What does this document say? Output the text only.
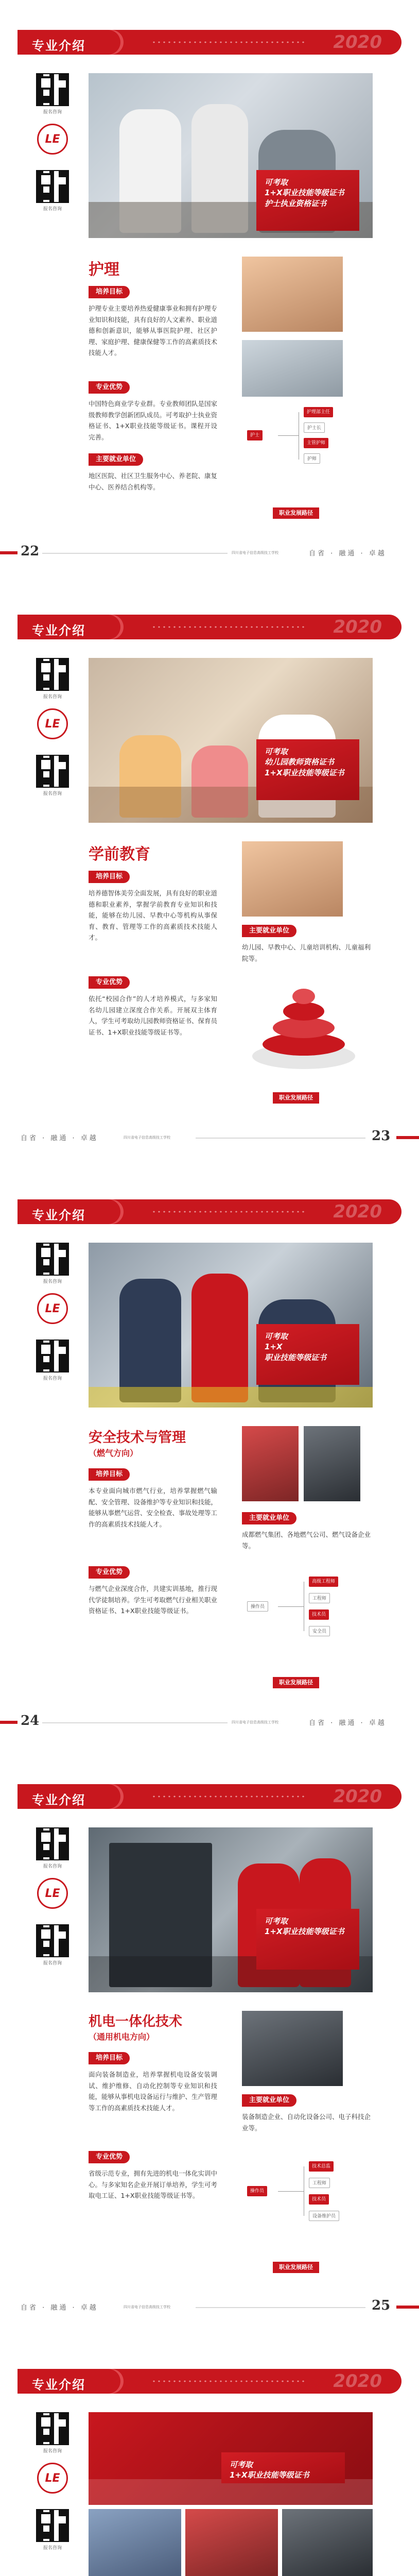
专业介绍	2020
报名咨询
LE
报名咨询
可考取
1+X职业技能等级证书
护士执业资格证书
护理
培养目标
护理专业主要培养热爱健康事业和拥有护理专业知识和技能，具有良好的人文素养、职业道德和创新意识，能够从事医院护理、社区护理、家庭护理、健康保健等工作的高素质技术技能人才。
专业优势
中国特色商业学专业群。专业教师团队是国家级教师教学创新团队成员。可考取护士执业资格证书、1+X职业技能等级证书。课程开设完善。
主要就业单位
地区医院、社区卫生服务中心、养老院、康复中心、医养结合机构等。
护理部主任
护士长
主管护师
护师
护士
职业发展路径
22	四川省电子信息高级技工学校	自省 · 融通 · 卓越
专业介绍	2020
报名咨询
LE
报名咨询
可考取
幼儿园教师资格证书
1+X职业技能等级证书
学前教育
培养目标
培养德智体美劳全面发展，具有良好的职业道德和职业素养，掌握学前教育专业知识和技能，能够在幼儿园、早教中心等机构从事保育、教育、管理等工作的高素质技术技能人才。
专业优势
依托“校园合作”的人才培养模式，与多家知名幼儿园建立深度合作关系。开展双主体育人，学生可考取幼儿园教师资格证书、保育员证书、1+X职业技能等级证书等。
主要就业单位
幼儿园、早教中心、儿童培训机构、儿童福利院等。
职业发展路径
自省 · 融通 · 卓越	四川省电子信息高级技工学校	23
专业介绍	2020
报名咨询
LE
报名咨询
可考取
1+X
职业技能等级证书
安全技术与管理
（燃气方向）
培养目标
本专业面向城市燃气行业，培养掌握燃气输配、安全管理、设备维护等专业知识和技能，能够从事燃气运营、安全检查、事故处理等工作的高素质技术技能人才。
专业优势
与燃气企业深度合作，共建实训基地，推行现代学徒制培养。学生可考取燃气行业相关职业资格证书、1+X职业技能等级证书。
主要就业单位
成都燃气集团、各地燃气公司、燃气设备企业等。
高级工程师
工程师
技术员
安全员
操作员
职业发展路径
24	四川省电子信息高级技工学校	自省 · 融通 · 卓越
专业介绍	2020
报名咨询
LE
报名咨询
可考取
1+X职业技能等级证书
机电一体化技术
（通用机电方向）
培养目标
面向装备制造业，培养掌握机电设备安装调试、维护维修、自动化控制等专业知识和技能，能够从事机电设备运行与维护、生产管理等工作的高素质技术技能人才。
专业优势
省级示范专业，拥有先进的机电一体化实训中心。与多家知名企业开展订单培养，学生可考取电工证、1+X职业技能等级证书等。
主要就业单位
装备制造企业、自动化设备公司、电子科技企业等。
技术总监
工程师
技术员
设备维护员
操作员
职业发展路径
自省 · 融通 · 卓越	四川省电子信息高级技工学校	25
专业介绍	2020
报名咨询
LE
报名咨询
可考取
1+X职业技能等级证书
